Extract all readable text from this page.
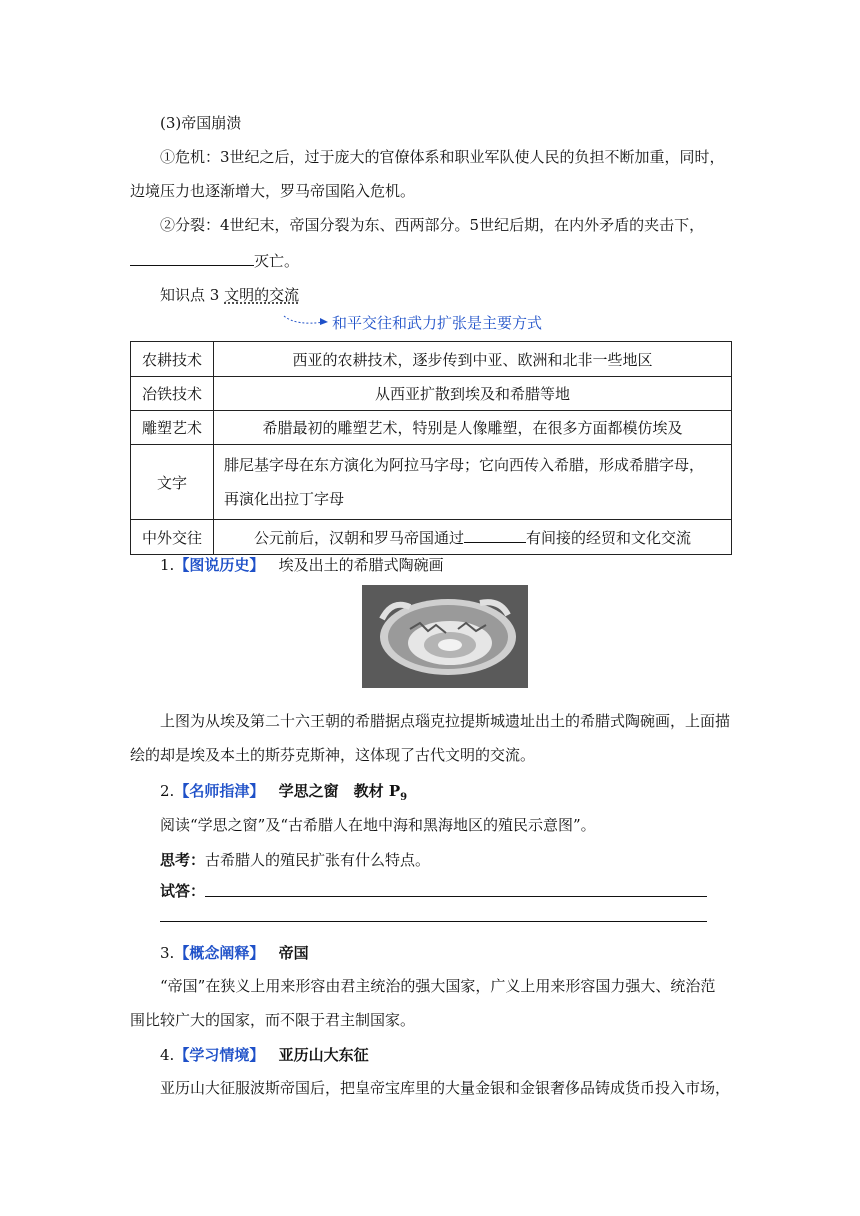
(3)帝国崩溃
①危机：3世纪之后，过于庞大的官僚体系和职业军队使人民的负担不断加重，同时，
边境压力也逐渐增大，罗马帝国陷入危机。
②分裂：4世纪末，帝国分裂为东、西两部分。5世纪后期，在内外矛盾的夹击下，
灭亡。
知识点 3 文明的交流
和平交往和武力扩张是主要方式
农耕技术	西亚的农耕技术，逐步传到中亚、欧洲和北非一些地区
冶铁技术	从西亚扩散到埃及和希腊等地
雕塑艺术	希腊最初的雕塑艺术，特别是人像雕塑，在很多方面都模仿埃及
文字	腓尼基字母在东方演化为阿拉马字母；它向西传入希腊，形成希腊字母，
再演化出拉丁字母

中外交往	公元前后，汉朝和罗马帝国通过 有间接的经贸和文化交流
1.【图说历史】 埃及出土的希腊式陶碗画
上图为从埃及第二十六王朝的希腊据点瑙克拉提斯城遗址出土的希腊式陶碗画，上面描
绘的却是埃及本土的斯芬克斯神，这体现了古代文明的交流。
2.【名师指津】 学思之窗　教材 $P_9$
阅读“学思之窗”及“古希腊人在地中海和黑海地区的殖民示意图”。
思考：古希腊人的殖民扩张有什么特点。
试答：
3.【概念阐释】 帝国
“帝国”在狭义上用来形容由君主统治的强大国家，广义上用来形容国力强大、统治范
围比较广大的国家，而不限于君主制国家。
4.【学习情境】 亚历山大东征
亚历山大征服波斯帝国后，把皇帝宝库里的大量金银和金银奢侈品铸成货币投入市场，
